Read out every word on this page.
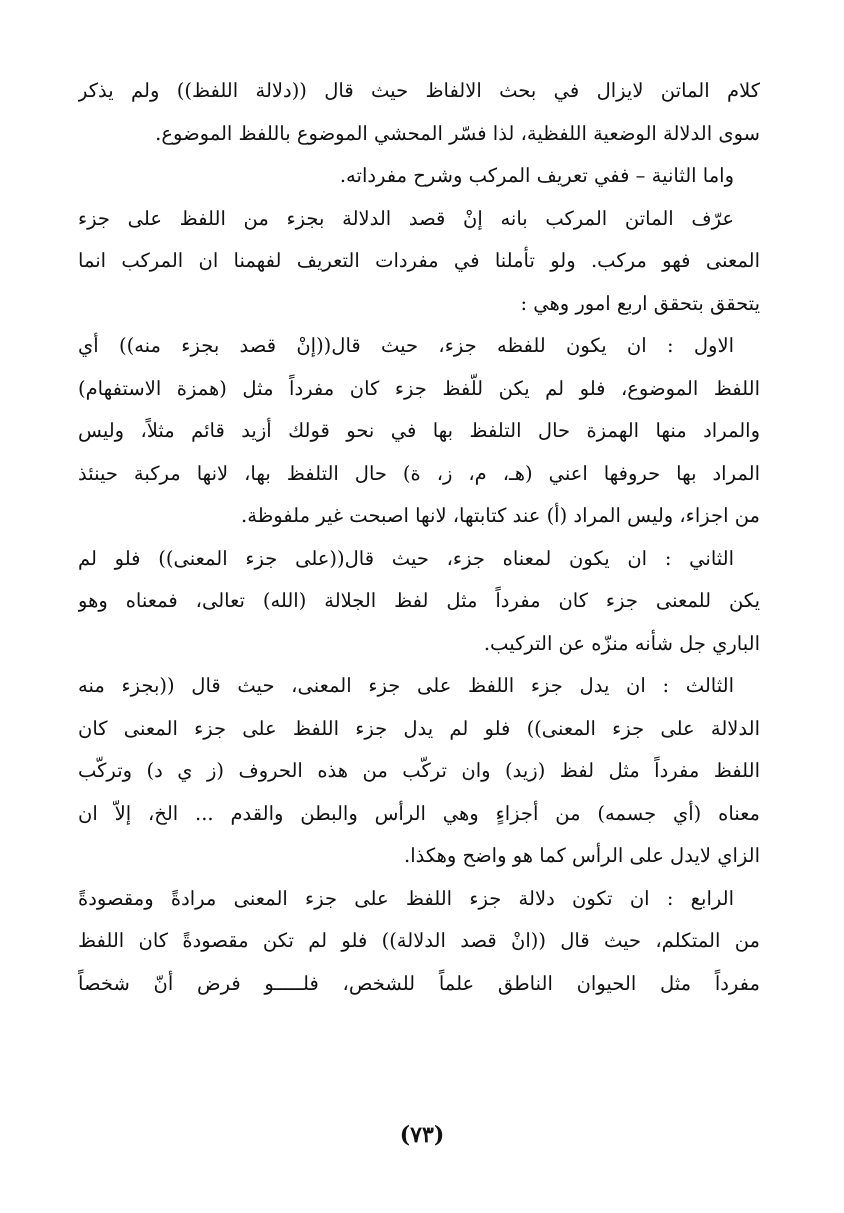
كلام الماتن لايزال في بحث الالفاظ حيث قال ((دلالة اللفظ)) ولم يذكر
سوى الدلالة الوضعية اللفظية، لذا فسّر المحشي الموضوع باللفظ الموضوع.
واما الثانية – ففي تعريف المركب وشرح مفرداته.
عرّف الماتن المركب بانه إنْ قصد الدلالة بجزء من اللفظ على جزء
المعنى فهو مركب. ولو تأملنا في مفردات التعريف لفهمنا ان المركب انما
يتحقق بتحقق اربع امور وهي :
الاول : ان يكون للفظه جزء، حيث قال((إنْ قصد بجزء منه)) أي
اللفظ الموضوع، فلو لم يكن للّفظ جزء كان مفرداً مثل (همزة الاستفهام)
والمراد منها الهمزة حال التلفظ بها في نحو قولك أزيد قائم مثلاً، وليس
المراد بها حروفها اعني (هـ، م، ز، ة) حال التلفظ بها، لانها مركبة حينئذ
من اجزاء، وليس المراد (أ) عند كتابتها، لانها اصبحت غير ملفوظة.
الثاني : ان يكون لمعناه جزء، حيث قال((على جزء المعنى)) فلو لم
يكن للمعنى جزء كان مفرداً مثل لفظ الجلالة (الله) تعالى، فمعناه وهو
الباري جل شأنه منزّه عن التركيب.
الثالث : ان يدل جزء اللفظ على جزء المعنى، حيث قال ((بجزء منه
الدلالة على جزء المعنى)) فلو لم يدل جزء اللفظ على جزء المعنى كان
اللفظ مفرداً مثل لفظ (زيد) وان تركّب من هذه الحروف (ز ي د) وتركّب
معناه (أي جسمه) من أجزاءٍ وهي الرأس والبطن والقدم ... الخ، إلاّ ان
الزاي لايدل على الرأس كما هو واضح وهكذا.
الرابع : ان تكون دلالة جزء اللفظ على جزء المعنى مرادةً ومقصودةً
من المتكلم، حيث قال ((انْ قصد الدلالة)) فلو لم تكن مقصودةً كان اللفظ
مفرداً مثل الحيوان الناطق علماً للشخص، فلـــــو فرض أنّ شخصاً
(٧٣)
